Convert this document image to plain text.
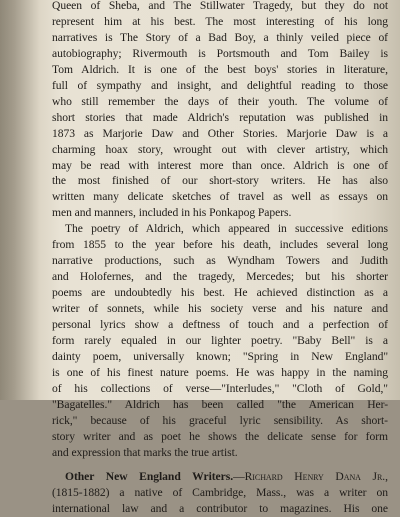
Queen of Sheba, and The Stillwater Tragedy, but they do not
represent him at his best. The most interesting of his long
narratives is The Story of a Bad Boy, a thinly veiled piece of
autobiography; Rivermouth is Portsmouth and Tom Bailey is
Tom Aldrich. It is one of the best boys' stories in literature,
full of sympathy and insight, and delightful reading to those
who still remember the days of their youth. The volume of
short stories that made Aldrich's reputation was published in
1873 as Marjorie Daw and Other Stories. Marjorie Daw is a
charming hoax story, wrought out with clever artistry, which
may be read with interest more than once. Aldrich is one of
the most finished of our short-story writers. He has also
written many delicate sketches of travel as well as essays on
men and manners, included in his Ponkapog Papers.

The poetry of Aldrich, which appeared in successive editions
from 1855 to the year before his death, includes several long
narrative productions, such as Wyndham Towers and Judith
and Holofernes, and the tragedy, Mercedes; but his shorter
poems are undoubtedly his best. He achieved distinction as a
writer of sonnets, while his society verse and his nature and
personal lyrics show a deftness of touch and a perfection of
form rarely equaled in our lighter poetry. "Baby Bell" is a
dainty poem, universally known; "Spring in New England"
is one of his finest nature poems. He was happy in the naming
of his collections of verse—"Interludes," "Cloth of Gold,"
"Bagatelles." Aldrich has been called "the American Her-
rick," because of his graceful lyric sensibility. As short-
story writer and as poet he shows the delicate sense for form
and expression that marks the true artist.

Other New England Writers.—Richard Henry Dana Jr.,
(1815-1882) a native of Cambridge, Mass., was a writer on
international law and a contributor to magazines. His one
